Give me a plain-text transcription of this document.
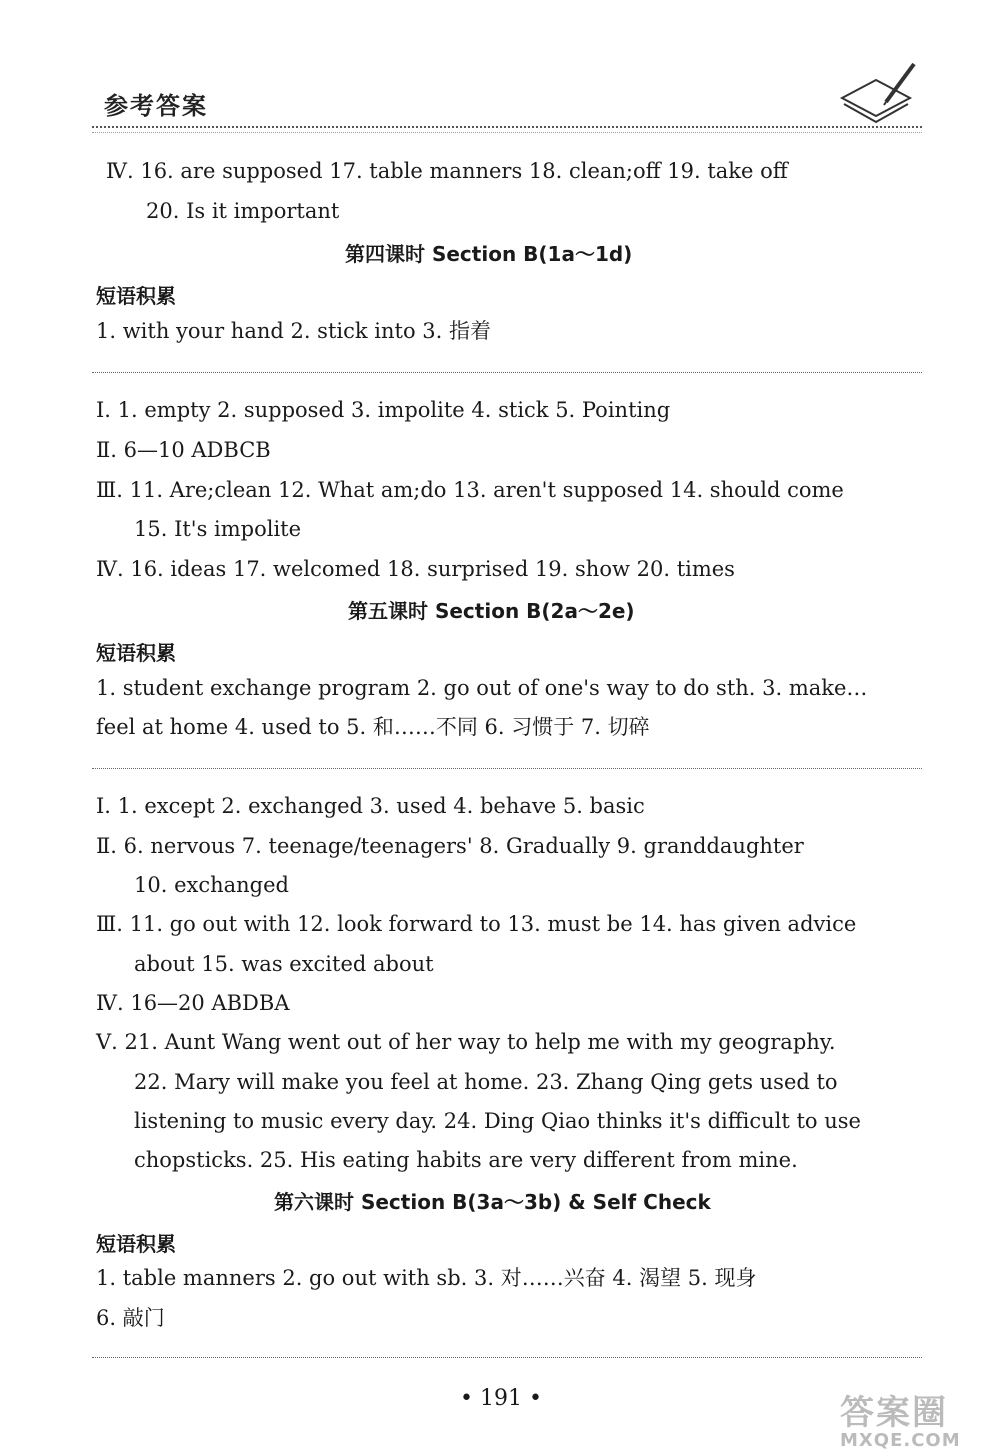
参考答案
Ⅳ. 16. are supposed 17. table manners 18. clean;off 19. take off
20. Is it important
第四课时 Section B(1a～1d)
短语积累
1. with your hand 2. stick into 3. 指着
Ⅰ. 1. empty 2. supposed 3. impolite 4. stick 5. Pointing
Ⅱ. 6—10 ADBCB
Ⅲ. 11. Are;clean 12. What am;do 13. aren't supposed 14. should come
15. It's impolite
Ⅳ. 16. ideas 17. welcomed 18. surprised 19. show 20. times
第五课时 Section B(2a～2e)
短语积累
1. student exchange program 2. go out of one's way to do sth. 3. make…
feel at home 4. used to 5. 和……不同 6. 习惯于 7. 切碎
Ⅰ. 1. except 2. exchanged 3. used 4. behave 5. basic
Ⅱ. 6. nervous 7. teenage/teenagers' 8. Gradually 9. granddaughter
10. exchanged
Ⅲ. 11. go out with 12. look forward to 13. must be 14. has given advice
about 15. was excited about
Ⅳ. 16—20 ABDBA
Ⅴ. 21. Aunt Wang went out of her way to help me with my geography.
22. Mary will make you feel at home. 23. Zhang Qing gets used to
listening to music every day. 24. Ding Qiao thinks it's difficult to use
chopsticks. 25. His eating habits are very different from mine.
第六课时 Section B(3a～3b) & Self Check
短语积累
1. table manners 2. go out with sb. 3. 对……兴奋 4. 渴望 5. 现身
6. 敲门
• 191 •	答案圈
MXQE.COM
